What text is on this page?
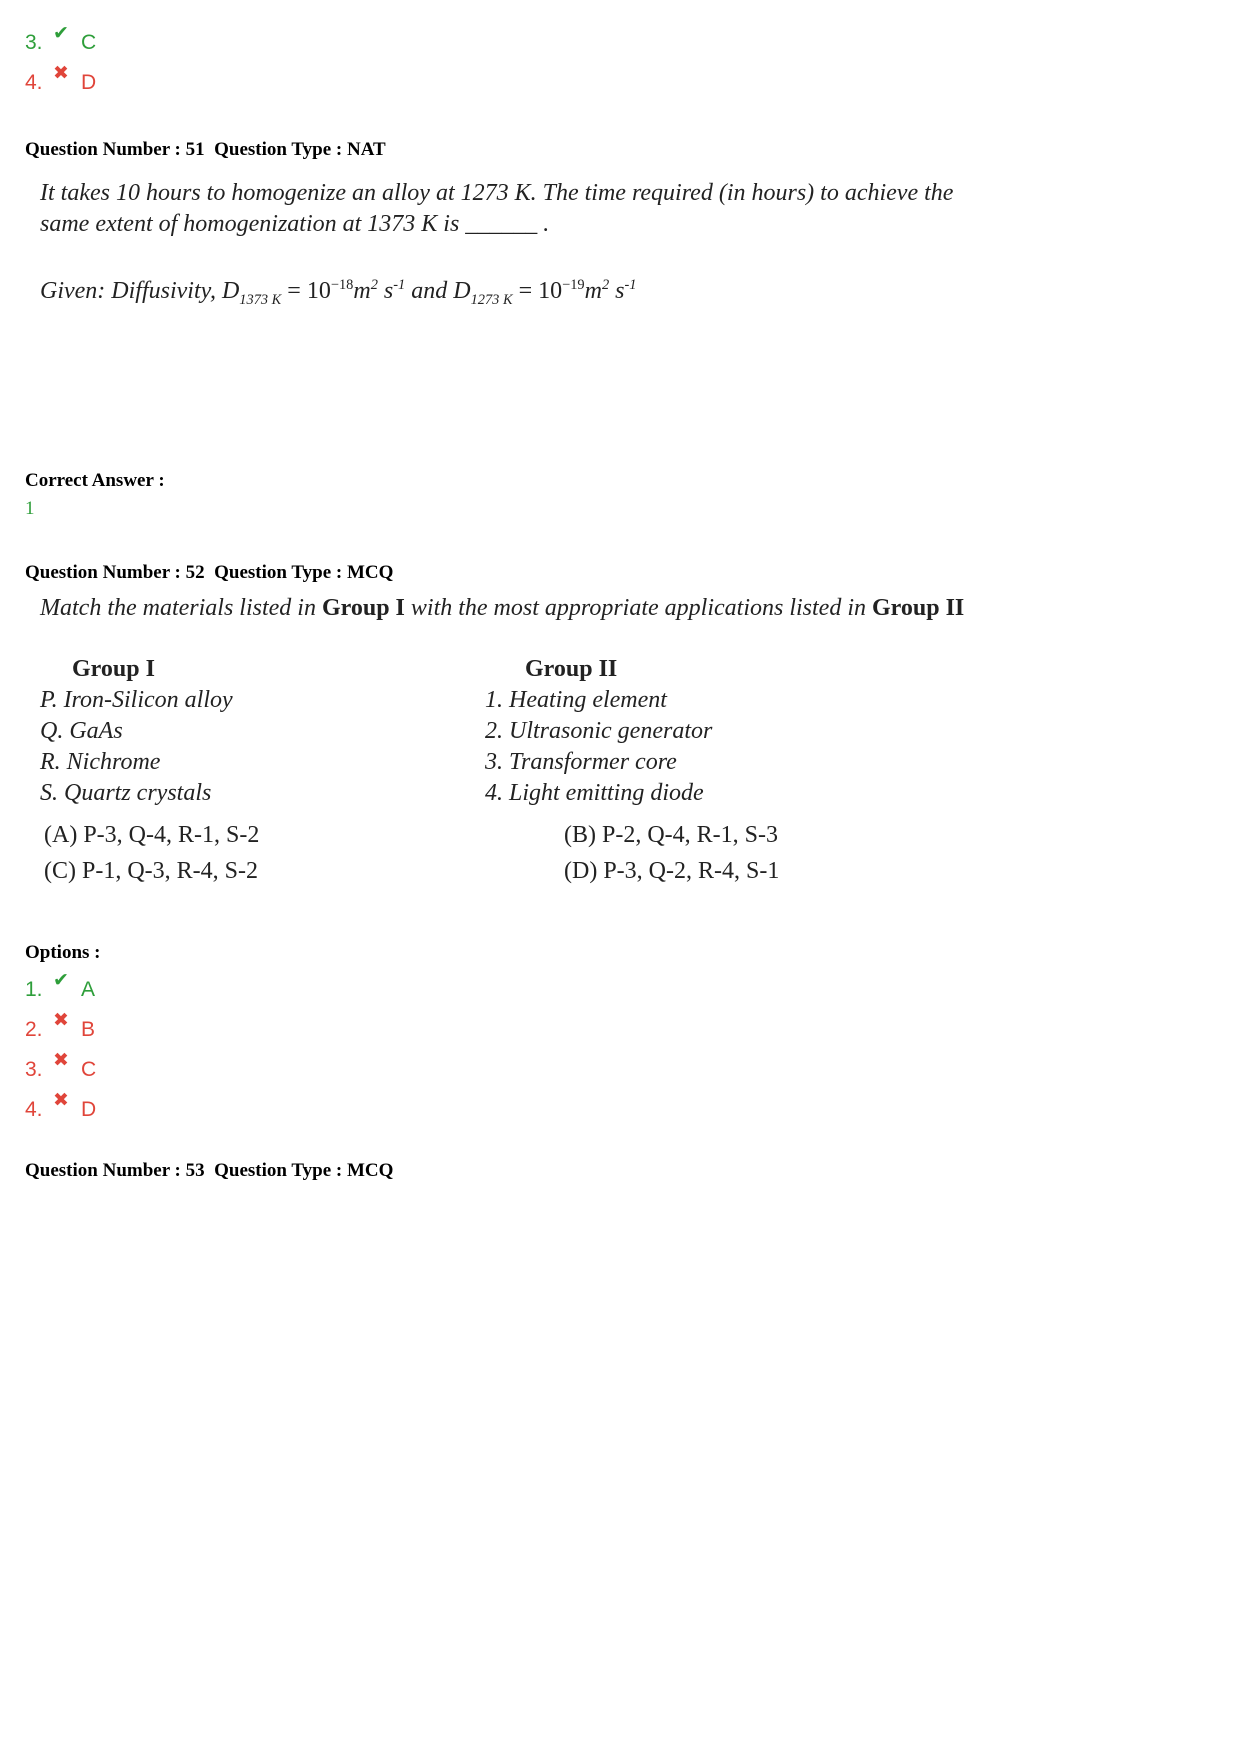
3. ✔ C
4. ✖ D
Question Number : 51  Question Type : NAT
It takes 10 hours to homogenize an alloy at 1273 K. The time required (in hours) to achieve the
same extent of homogenization at 1373 K is ______ .
Given: Diffusivity, $D_{1373 K} = 10^{-18}m^2$ $s^{-1}$ and $D_{1273 K} = 10^{-19}m^2$ $s^{-1}$
Correct Answer :
1
Question Number : 52  Question Type : MCQ
Match the materials listed in Group I with the most appropriate applications listed in Group II
Group I
P. Iron-Silicon alloy
Q. GaAs
R. Nichrome
S. Quartz crystals
Group II
1. Heating element
2. Ultrasonic generator
3. Transformer core
4. Light emitting diode
(A) P-3, Q-4, R-1, S-2	(B) P-2, Q-4, R-1, S-3
(C) P-1, Q-3, R-4, S-2	(D) P-3, Q-2, R-4, S-1
Options :
1. ✔ A
2. ✖ B
3. ✖ C
4. ✖ D
Question Number : 53  Question Type : MCQ
